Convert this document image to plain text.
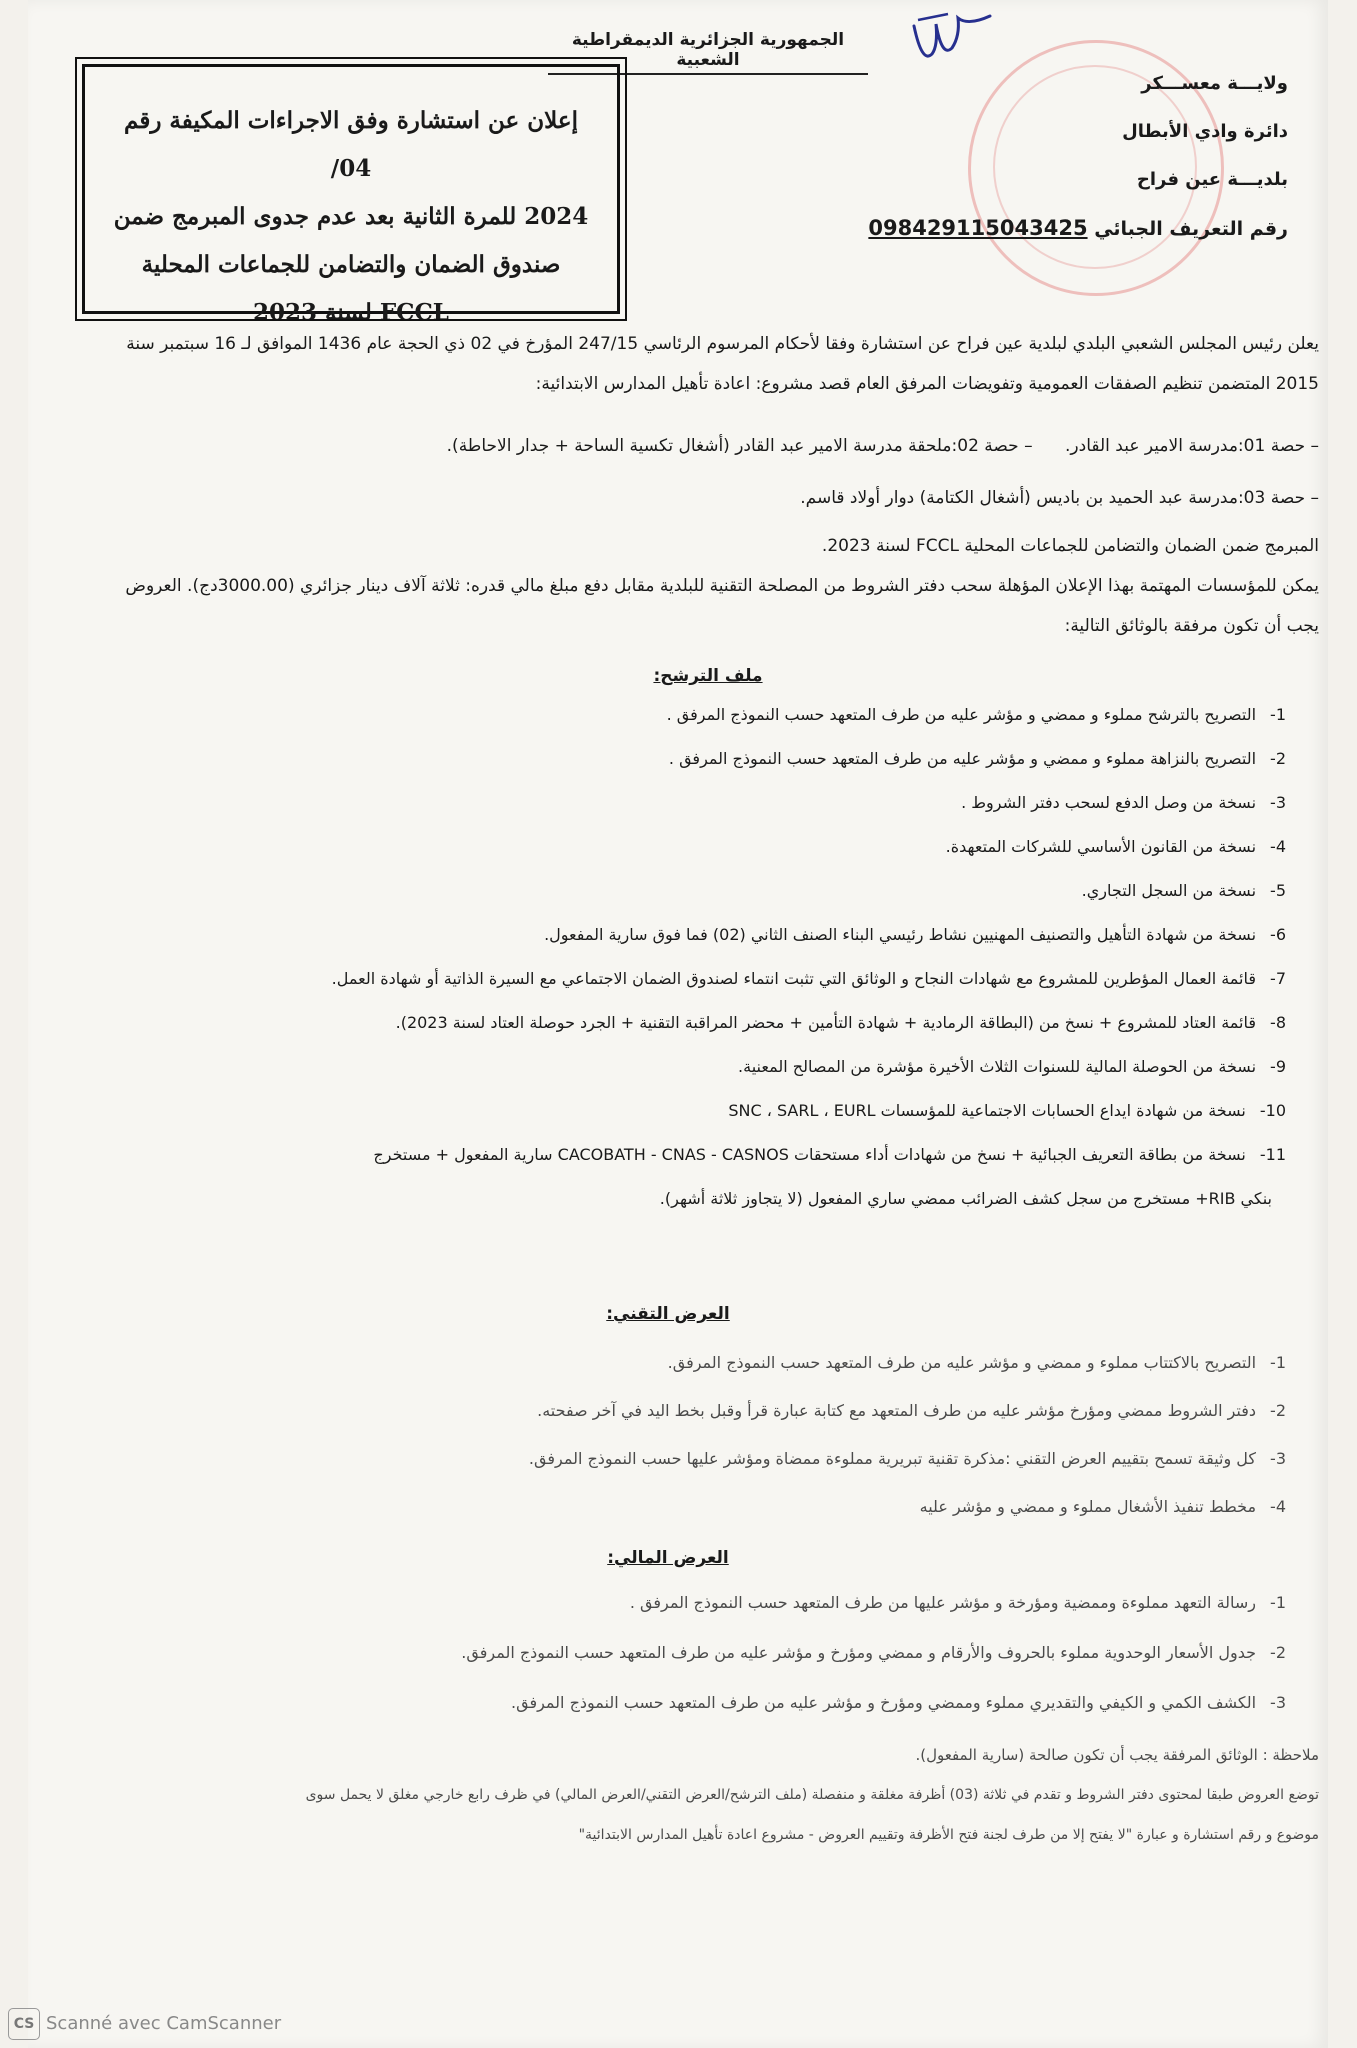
الجمهورية الجزائرية الديمقراطية الشعبية
ولايـــة معســـكر
دائرة وادي الأبطال
بلديـــة عين فراح
رقم التعريف الجبائي 098429115043425
إعلان عن استشارة وفق الاجراءات المكيفة رقم 04/
2024 للمرة الثانية بعد عدم جدوى المبرمج ضمن
صندوق الضمان والتضامن للجماعات المحلية
FCCL لسنة 2023
يعلن رئيس المجلس الشعبي البلدي لبلدية عين فراح عن استشارة وفقا لأحكام المرسوم الرئاسي 247/15 المؤرخ في 02 ذي الحجة عام 1436 الموافق لـ 16 سبتمبر سنة 2015 المتضمن تنظيم الصفقات العمومية وتفويضات المرفق العام قصد مشروع: اعادة تأهيل المدارس الابتدائية:
– حصة 01:مدرسة الامير عبد القادر.      – حصة 02:ملحقة مدرسة الامير عبد القادر (أشغال تكسية الساحة + جدار الاحاطة).
– حصة 03:مدرسة عبد الحميد بن باديس (أشغال الكتامة) دوار أولاد قاسم.
المبرمج ضمن الضمان والتضامن للجماعات المحلية FCCL لسنة 2023.
يمكن للمؤسسات المهتمة بهذا الإعلان المؤهلة سحب دفتر الشروط من المصلحة التقنية للبلدية مقابل دفع مبلغ مالي قدره: ثلاثة آلاف دينار جزائري (3000.00دج). العروض يجب أن تكون مرفقة بالوثائق التالية:
ملف الترشح:
1-التصريح بالترشح مملوء و ممضي و مؤشر عليه من طرف المتعهد حسب النموذج المرفق .
2-التصريح بالنزاهة مملوء و ممضي و مؤشر عليه من طرف المتعهد حسب النموذج المرفق .
3-نسخة من وصل الدفع لسحب دفتر الشروط .
4-نسخة من القانون الأساسي للشركات المتعهدة.
5-نسخة من السجل التجاري.
6-نسخة من شهادة التأهيل والتصنيف المهنيين نشاط رئيسي البناء الصنف الثاني (02) فما فوق سارية المفعول.
7-قائمة العمال المؤطرين للمشروع مع شهادات النجاح و الوثائق التي تثبت انتماء لصندوق الضمان الاجتماعي مع السيرة الذاتية أو شهادة العمل.
8-قائمة العتاد للمشروع + نسخ من (البطاقة الرمادية + شهادة التأمين + محضر المراقبة التقنية + الجرد حوصلة العتاد لسنة 2023).
9-نسخة من الحوصلة المالية للسنوات الثلاث الأخيرة مؤشرة من المصالح المعنية.
10-نسخة من شهادة ايداع الحسابات الاجتماعية للمؤسسات SNC ، SARL ، EURL
11-نسخة من بطاقة التعريف الجبائية + نسخ من شهادات أداء مستحقات CACOBATH - CNAS - CASNOS سارية المفعول + مستخرج
بنكي RIB+ مستخرج من سجل كشف الضرائب ممضي ساري المفعول (لا يتجاوز ثلاثة أشهر).
العرض التقني:
1-التصريح بالاكتتاب مملوء و ممضي و مؤشر عليه من طرف المتعهد حسب النموذج المرفق.
2-دفتر الشروط ممضي ومؤرخ مؤشر عليه من طرف المتعهد مع كتابة عبارة قرأ وقبل بخط اليد في آخر صفحته.
3-كل وثيقة تسمح بتقييم العرض التقني :مذكرة تقنية تبريرية مملوءة ممضاة ومؤشر عليها حسب النموذج المرفق.
4-مخطط تنفيذ الأشغال مملوء و ممضي و مؤشر عليه
العرض المالي:
1-رسالة التعهد مملوءة وممضية ومؤرخة و مؤشر عليها من طرف المتعهد حسب النموذج المرفق .
2-جدول الأسعار الوحدوية مملوء بالحروف والأرقام و ممضي ومؤرخ و مؤشر عليه من طرف المتعهد حسب النموذج المرفق.
3-الكشف الكمي و الكيفي والتقديري مملوء وممضي ومؤرخ و مؤشر عليه من طرف المتعهد حسب النموذج المرفق.
ملاحظة : الوثائق المرفقة يجب أن تكون صالحة (سارية المفعول).
توضع العروض طبقا لمحتوى دفتر الشروط و تقدم في ثلاثة (03) أظرفة مغلقة و منفصلة (ملف الترشح/العرض التقني/العرض المالي) في ظرف رابع خارجي مغلق لا يحمل سوى
موضوع و رقم استشارة و عبارة "لا يفتح إلا من طرف لجنة فتح الأظرفة وتقييم العروض - مشروع اعادة تأهيل المدارس الابتدائية"
CS Scanné avec CamScanner
